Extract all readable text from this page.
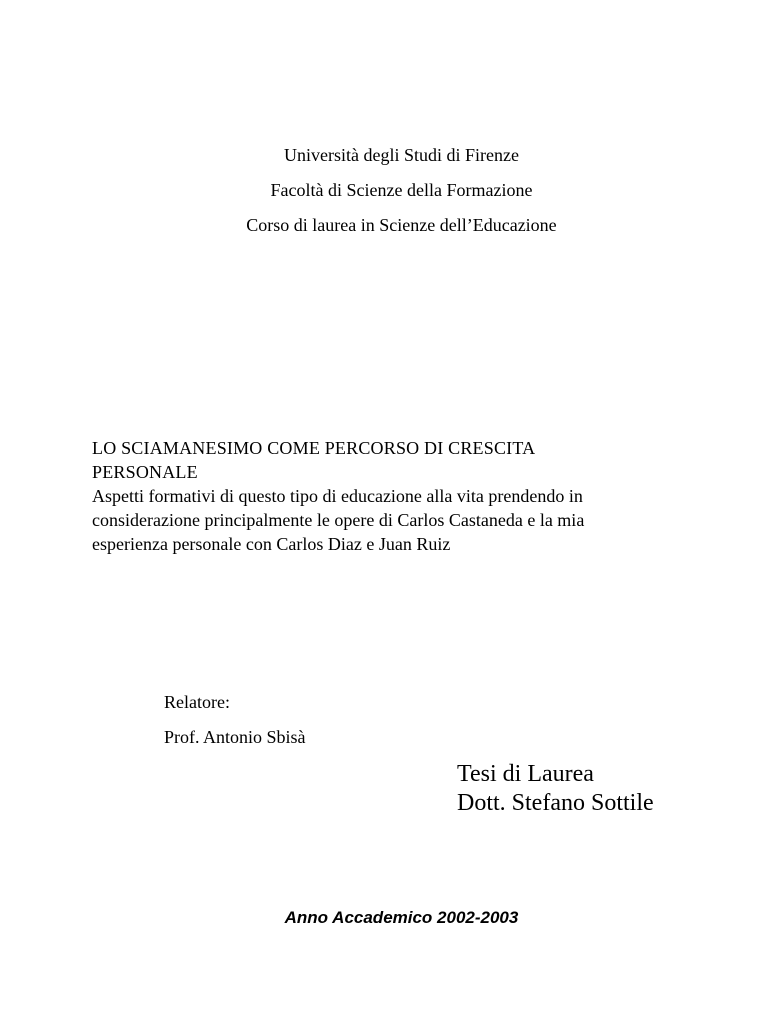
Università degli Studi di Firenze
Facoltà di Scienze della Formazione
Corso di laurea in Scienze dell’Educazione
LO SCIAMANESIMO COME PERCORSO DI CRESCITA
PERSONALE
Aspetti formativi di questo tipo di educazione alla vita prendendo in
considerazione principalmente le opere di Carlos Castaneda e la mia
esperienza personale con Carlos Diaz e Juan Ruiz
Relatore:
Prof. Antonio Sbisà
Tesi di Laurea
Dott. Stefano Sottile
Anno Accademico 2002-2003
